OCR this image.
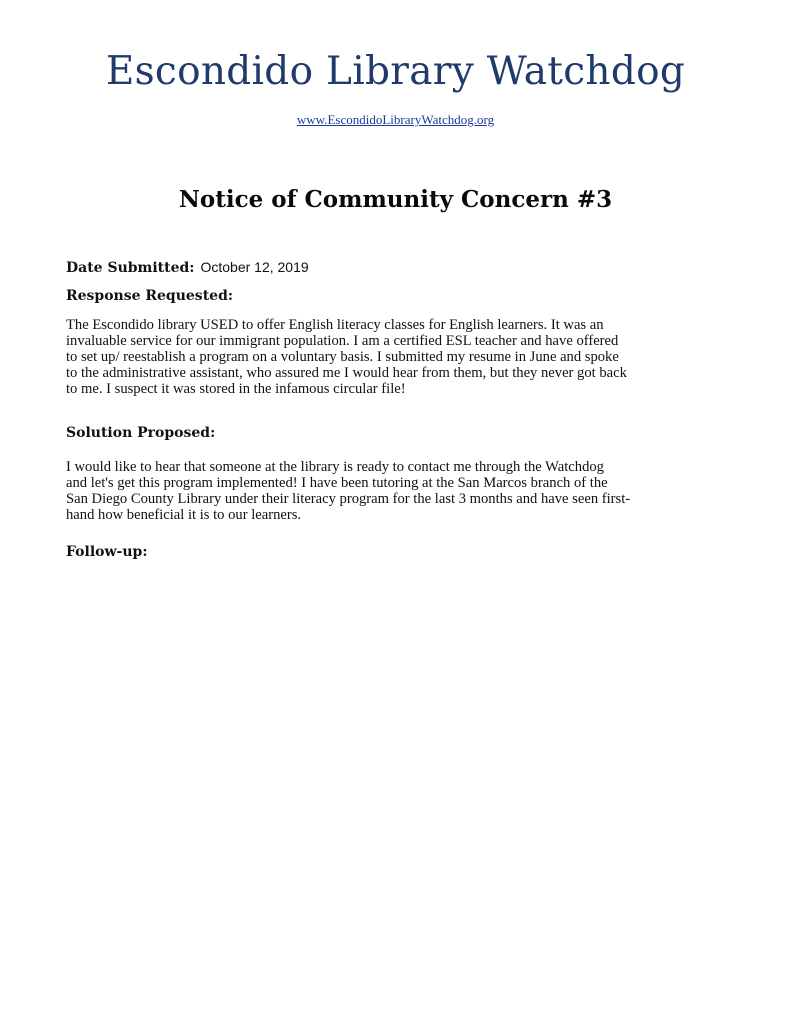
Escondido Library Watchdog
www.EscondidoLibraryWatchdog.org
Notice of Community Concern #3
Date Submitted: October 12, 2019
Response Requested:

The Escondido library USED to offer English literacy classes for English learners. It was an
invaluable service for our immigrant population. I am a certified ESL teacher and have offered
to set up/ reestablish a program on a voluntary basis. I submitted my resume in June and spoke
to the administrative assistant, who assured me I would hear from them, but they never got back
to me. I suspect it was stored in the infamous circular file!

Solution Proposed:

I would like to hear that someone at the library is ready to contact me through the Watchdog
and let's get this program implemented! I have been tutoring at the San Marcos branch of the
San Diego County Library under their literacy program for the last 3 months and have seen first-
hand how beneficial it is to our learners.

Follow-up:
